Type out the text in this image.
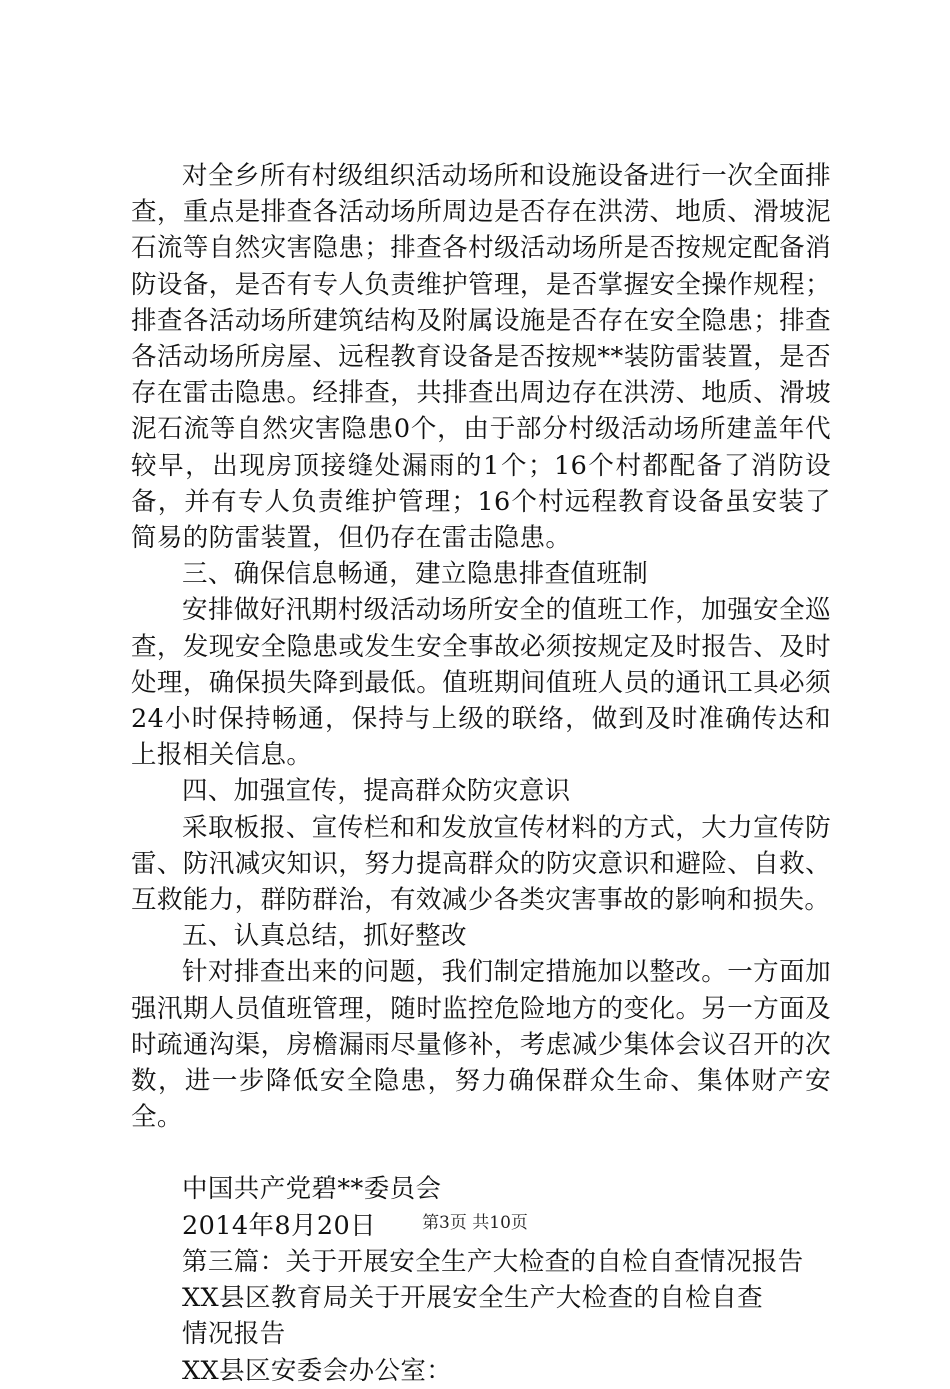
对全乡所有村级组织活动场所和设施设备进行一次全面排查，重点是排查各活动场所周边是否存在洪涝、地质、滑坡泥石流等自然灾害隐患；排查各村级活动场所是否按规定配备消防设备，是否有专人负责维护管理，是否掌握安全操作规程；排查各活动场所建筑结构及附属设施是否存在安全隐患；排查各活动场所房屋、远程教育设备是否按规**装防雷装置，是否存在雷击隐患。经排查，共排查出周边存在洪涝、地质、滑坡泥石流等自然灾害隐患0个，由于部分村级活动场所建盖年代较早，出现房顶接缝处漏雨的1个；16个村都配备了消防设备，并有专人负责维护管理；16个村远程教育设备虽安装了简易的防雷装置，但仍存在雷击隐患。

三、确保信息畅通，建立隐患排查值班制

安排做好汛期村级活动场所安全的值班工作，加强安全巡查，发现安全隐患或发生安全事故必须按规定及时报告、及时处理，确保损失降到最低。值班期间值班人员的通讯工具必须24小时保持畅通，保持与上级的联络，做到及时准确传达和上报相关信息。

四、加强宣传，提高群众防灾意识

采取板报、宣传栏和和发放宣传材料的方式，大力宣传防雷、防汛减灾知识，努力提高群众的防灾意识和避险、自救、互救能力，群防群治，有效减少各类灾害事故的影响和损失。

五、认真总结，抓好整改

针对排查出来的问题，我们制定措施加以整改。一方面加强汛期人员值班管理，随时监控危险地方的变化。另一方面及时疏通沟渠，房檐漏雨尽量修补，考虑减少集体会议召开的次数，进一步降低安全隐患，努力确保群众生命、集体财产安全。

中国共产党碧**委员会

2014年8月20日

第三篇：关于开展安全生产大检查的自检自查情况报告

XX县区教育局关于开展安全生产大检查的自检自查

情况报告

XX县区安委会办公室：

第3页 共10页
